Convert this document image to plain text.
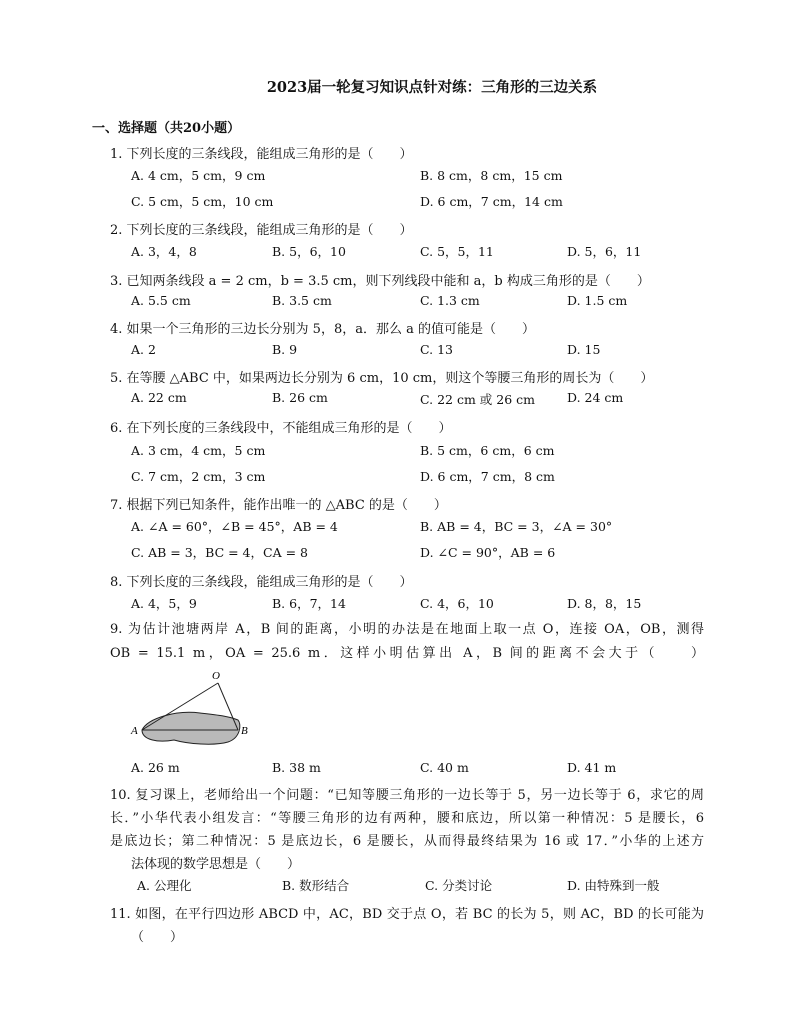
2023届一轮复习知识点针对练：三角形的三边关系
一、选择题（共20小题）
1. 下列长度的三条线段，能组成三角形的是（　　）
A. 4 cm，5 cm，9 cm	B. 8 cm，8 cm，15 cm
C. 5 cm，5 cm，10 cm	D. 6 cm，7 cm，14 cm
2. 下列长度的三条线段，能组成三角形的是（　　）
A. 3，4，8	B. 5，6，10	C. 5，5，11	D. 5，6，11
3. 已知两条线段 a = 2 cm，b = 3.5 cm，则下列线段中能和 a，b 构成三角形的是（　　）
A. 5.5 cm	B. 3.5 cm	C. 1.3 cm	D. 1.5 cm
4. 如果一个三角形的三边长分别为 5，8，a．那么 a 的值可能是（　　）
A. 2	B. 9	C. 13	D. 15
5. 在等腰 △ABC 中，如果两边长分别为 6 cm，10 cm，则这个等腰三角形的周长为（　　）
A. 22 cm	B. 26 cm	C. 22 cm 或 26 cm	D. 24 cm
6. 在下列长度的三条线段中，不能组成三角形的是（　　）
A. 3 cm，4 cm，5 cm	B. 5 cm，6 cm，6 cm
C. 7 cm，2 cm，3 cm	D. 6 cm，7 cm，8 cm
7. 根据下列已知条件，能作出唯一的 △ABC 的是（　　）
A. ∠A = 60°，∠B = 45°，AB = 4	B. AB = 4，BC = 3，∠A = 30°
C. AB = 3，BC = 4，CA = 8	D. ∠C = 90°，AB = 6
8. 下列长度的三条线段，能组成三角形的是（　　）
A. 4，5，9	B. 6，7，14	C. 4，6，10	D. 8，8，15
9. 为估计池塘两岸 A，B 间的距离，小明的办法是在地面上取一点 O，连接 OA，OB，测得
OB = 15.1 m，OA = 25.6 m．这样小明估算出 A，B 间的距离不会大于（　　）
O
A	B
A. 26 m	B. 38 m	C. 40 m	D. 41 m
10. 复习课上，老师给出一个问题：“已知等腰三角形的一边长等于 5，另一边长等于 6，求它的周
长．”小华代表小组发言：“等腰三角形的边有两种，腰和底边，所以第一种情况：5 是腰长，6
是底边长；第二种情况：5 是底边长，6 是腰长，从而得最终结果为 16 或 17．”小华的上述方
法体现的数学思想是（　　）
A. 公理化	B. 数形结合	C. 分类讨论	D. 由特殊到一般
11. 如图，在平行四边形 ABCD 中，AC，BD 交于点 O，若 BC 的长为 5，则 AC，BD 的长可能为
（　　）
